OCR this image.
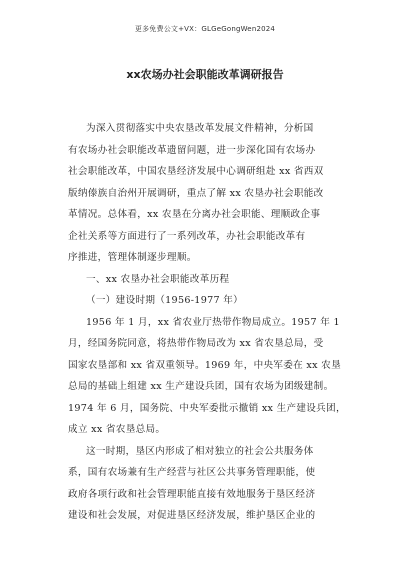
更多免费公文+VX：GLGeGongWen2024
xx农场办社会职能改革调研报告
为深入贯彻落实中央农垦改革发展文件精神，分析国
有农场办社会职能改革遗留问题，进一步深化国有农场办
社会职能改革，中国农垦经济发展中心调研组赴 xx 省西双
版纳傣族自治州开展调研，重点了解 xx 农垦办社会职能改
革情况。总体看，xx 农垦在分离办社会职能、理顺政企事
企社关系等方面进行了一系列改革，办社会职能改革有
序推进，管理体制逐步理顺。
一、xx 农垦办社会职能改革历程
（一）建设时期（1956-1977 年）
1956 年 1 月，xx 省农业厅热带作物局成立。1957 年 1
月，经国务院同意，将热带作物局改为 xx 省农垦总局，受
国家农垦部和 xx 省双重领导。1969 年，中央军委在 xx 农垦
总局的基础上组建 xx 生产建设兵团，国有农场为团级建制。
1974 年 6 月，国务院、中央军委批示撤销 xx 生产建设兵团，
成立 xx 省农垦总局。
这一时期，垦区内形成了相对独立的社会公共服务体
系，国有农场兼有生产经营与社区公共事务管理职能，使
政府各项行政和社会管理职能直接有效地服务于垦区经济
建设和社会发展，对促进垦区经济发展，维护垦区企业的
